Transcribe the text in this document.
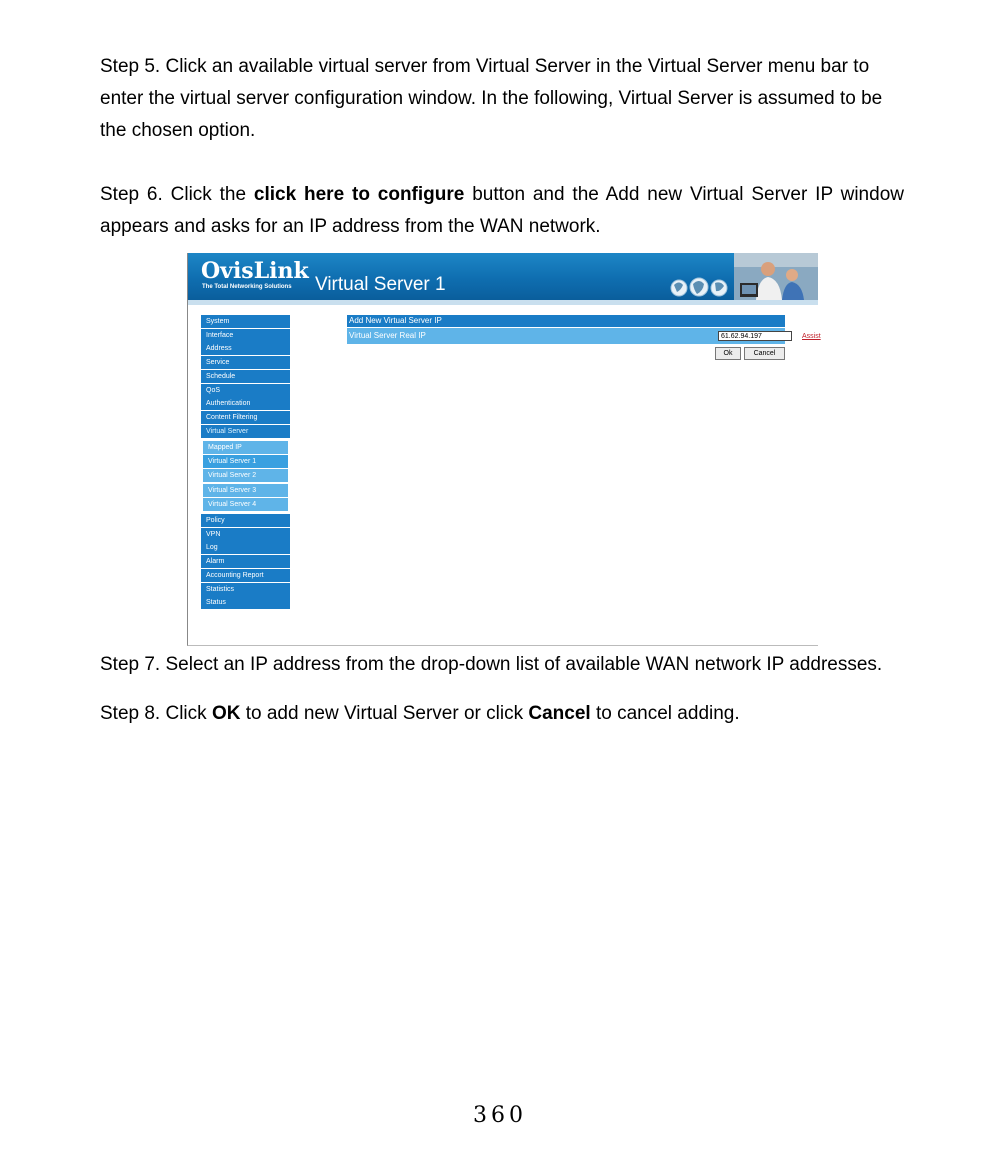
Step 5. Click an available virtual server from Virtual Server in the Virtual Server menu bar to enter the virtual server configuration window. In the following, Virtual Server is assumed to be the chosen option.

Step 6. Click the click here to configure button and the Add new Virtual Server IP window appears and asks for an IP address from the WAN network.

OvisLink
The Total Networking Solutions Virtual Server 1
System
Interface
Address
Service
Schedule
QoS
Authentication
Content Filtering
Virtual Server
Mapped IP
Virtual Server 1
Virtual Server 2
Virtual Server 3
Virtual Server 4
Policy
VPN
Log
Alarm
Accounting Report
Statistics
Status
Add New Virtual Server IP
Virtual Server Real IP	61.62.94.197	Assist
Ok	Cancel

Step 7. Select an IP address from the drop-down list of available WAN network IP addresses.

Step 8. Click OK to add new Virtual Server or click Cancel to cancel adding.

360
